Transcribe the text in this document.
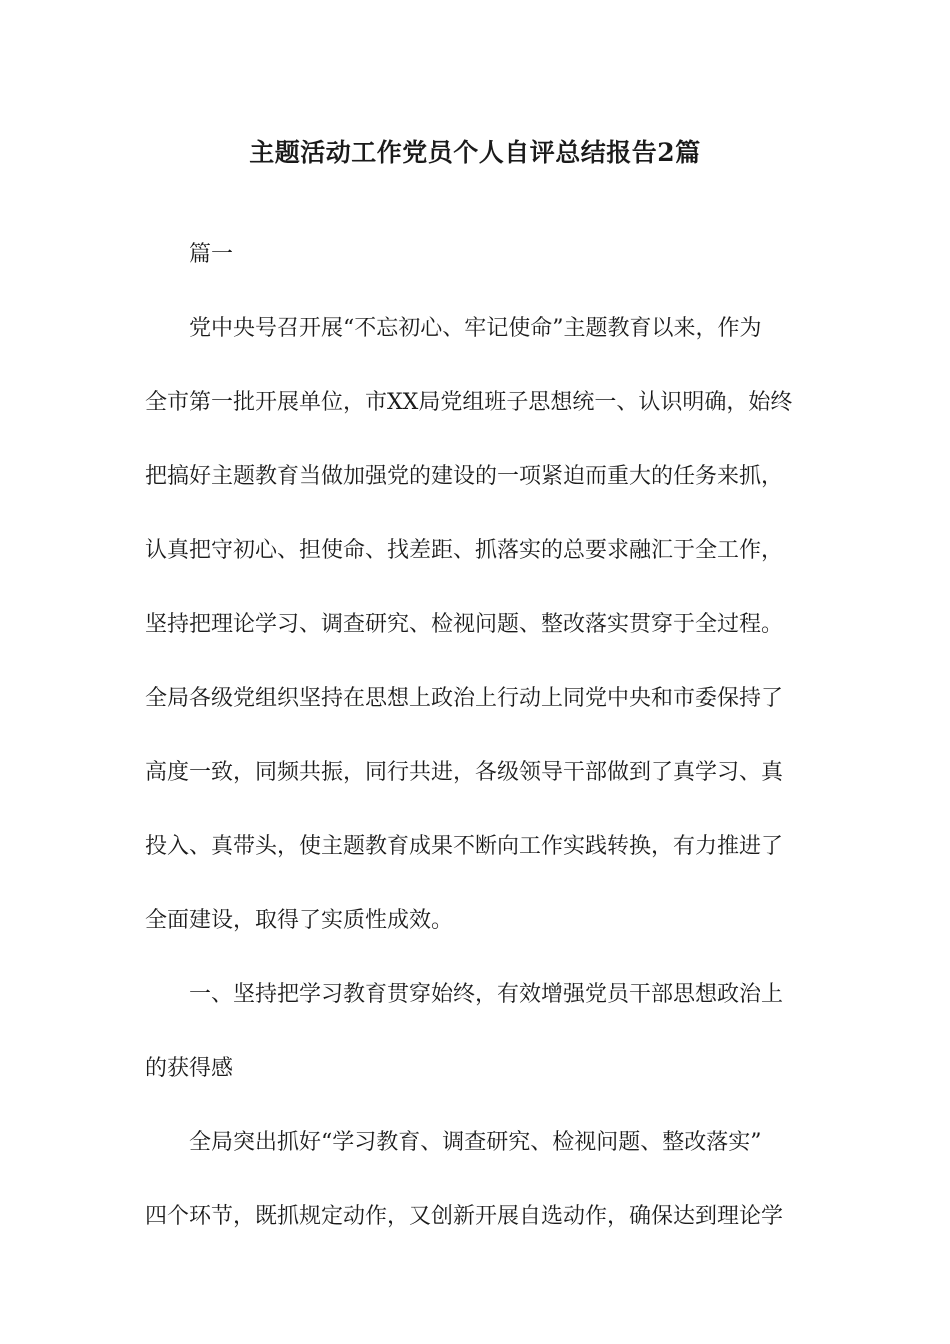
主题活动工作党员个人自评总结报告2篇
篇一
党中央号召开展“不忘初心、牢记使命”主题教育以来，作为
全市第一批开展单位，市XX局党组班子思想统一、认识明确，始终
把搞好主题教育当做加强党的建设的一项紧迫而重大的任务来抓，
认真把守初心、担使命、找差距、抓落实的总要求融汇于全工作，
坚持把理论学习、调查研究、检视问题、整改落实贯穿于全过程。
全局各级党组织坚持在思想上政治上行动上同党中央和市委保持了
高度一致，同频共振，同行共进，各级领导干部做到了真学习、真
投入、真带头，使主题教育成果不断向工作实践转换，有力推进了
全面建设，取得了实质性成效。
一、坚持把学习教育贯穿始终，有效增强党员干部思想政治上
的获得感
全局突出抓好“学习教育、调查研究、检视问题、整改落实”
四个环节，既抓规定动作，又创新开展自选动作，确保达到理论学
